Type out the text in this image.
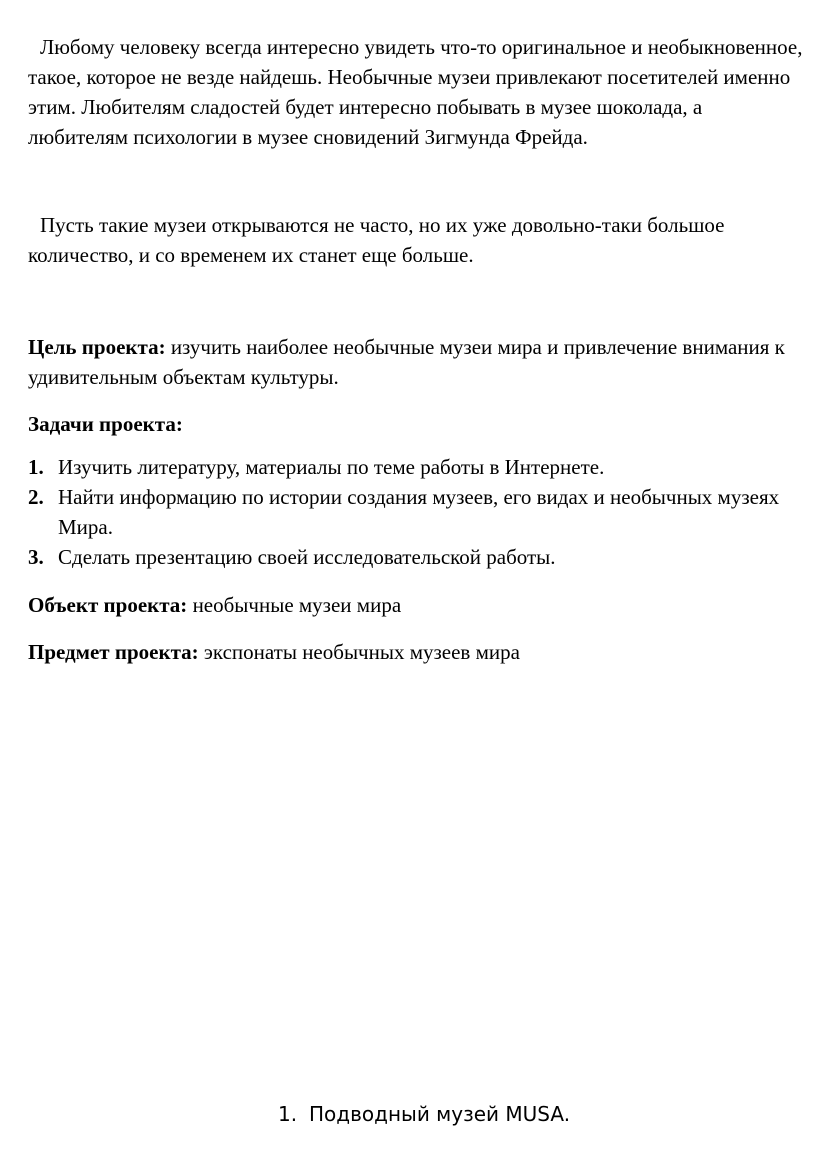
Любому человеку всегда интересно увидеть что-то оригинальное и необыкновенное, такое, которое не везде найдешь. Необычные музеи привлекают посетителей именно этим. Любителям сладостей будет интересно побывать в музее шоколада, а любителям психологии в музее сновидений Зигмунда Фрейда.

Пусть такие музеи открываются не часто, но их уже довольно-таки большое количество, и со временем их станет еще больше.

Цель проекта: изучить наиболее необычные музеи мира и привлечение внимания к удивительным объектам культуры.

Задачи проекта:

1. Изучить литературу, материалы по теме работы в Интернете.
2. Найти информацию по истории создания музеев, его видах и необычных музеях Мира.
3. Сделать презентацию своей исследовательской работы.

Объект проекта: необычные музеи мира

Предмет проекта: экспонаты необычных музеев мира

1. Подводный музей MUSA.
